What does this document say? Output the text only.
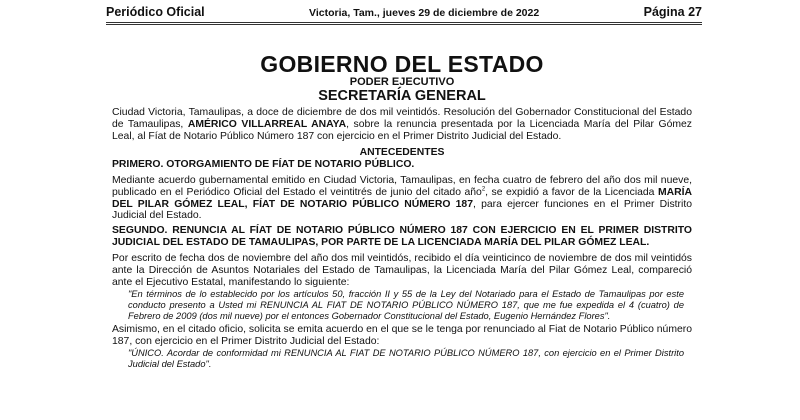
Periódico Oficial	Victoria, Tam., jueves 29 de diciembre de 2022	Página 27
GOBIERNO DEL ESTADO
PODER EJECUTIVO
SECRETARÍA GENERAL

Ciudad Victoria, Tamaulipas, a doce de diciembre de dos mil veintidós. Resolución del Gobernador Constitucional del Estado de Tamaulipas, AMÉRICO VILLARREAL ANAYA, sobre la renuncia presentada por la Licenciada María del Pilar Gómez Leal, al Fíat de Notario Público Número 187 con ejercicio en el Primer Distrito Judicial del Estado.

ANTECEDENTES
PRIMERO. OTORGAMIENTO DE FÍAT DE NOTARIO PÚBLICO.

Mediante acuerdo gubernamental emitido en Ciudad Victoria, Tamaulipas, en fecha cuatro de febrero del año dos mil nueve, publicado en el Periódico Oficial del Estado el veintitrés de junio del citado año$^2$, se expidió a favor de la Licenciada MARÍA DEL PILAR GÓMEZ LEAL, FÍAT DE NOTARIO PÚBLICO NÚMERO 187, para ejercer funciones en el Primer Distrito Judicial del Estado.

SEGUNDO. RENUNCIA AL FÍAT DE NOTARIO PÚBLICO NÚMERO 187 CON EJERCICIO EN EL PRIMER DISTRITO JUDICIAL DEL ESTADO DE TAMAULIPAS, POR PARTE DE LA LICENCIADA MARÍA DEL PILAR GÓMEZ LEAL.

Por escrito de fecha dos de noviembre del año dos mil veintidós, recibido el día veinticinco de noviembre de dos mil veintidós ante la Dirección de Asuntos Notariales del Estado de Tamaulipas, la Licenciada María del Pilar Gómez Leal, compareció ante el Ejecutivo Estatal, manifestando lo siguiente:

"En términos de lo establecido por los artículos 50, fracción II y 55 de la Ley del Notariado para el Estado de Tamaulipas por este conducto presento a Usted mi RENUNCIA AL FIAT DE NOTARIO PÚBLICO NÚMERO 187, que me fue expedida el 4 (cuatro) de Febrero de 2009 (dos mil nueve) por el entonces Gobernador Constitucional del Estado, Eugenio Hernández Flores".

Asimismo, en el citado oficio, solicita se emita acuerdo en el que se le tenga por renunciado al Fiat de Notario Público número 187, con ejercicio en el Primer Distrito Judicial del Estado:

"ÚNICO. Acordar de conformidad mi RENUNCIA AL FIAT DE NOTARIO PÚBLICO NÚMERO 187, con ejercicio en el Primer Distrito Judicial del Estado".
